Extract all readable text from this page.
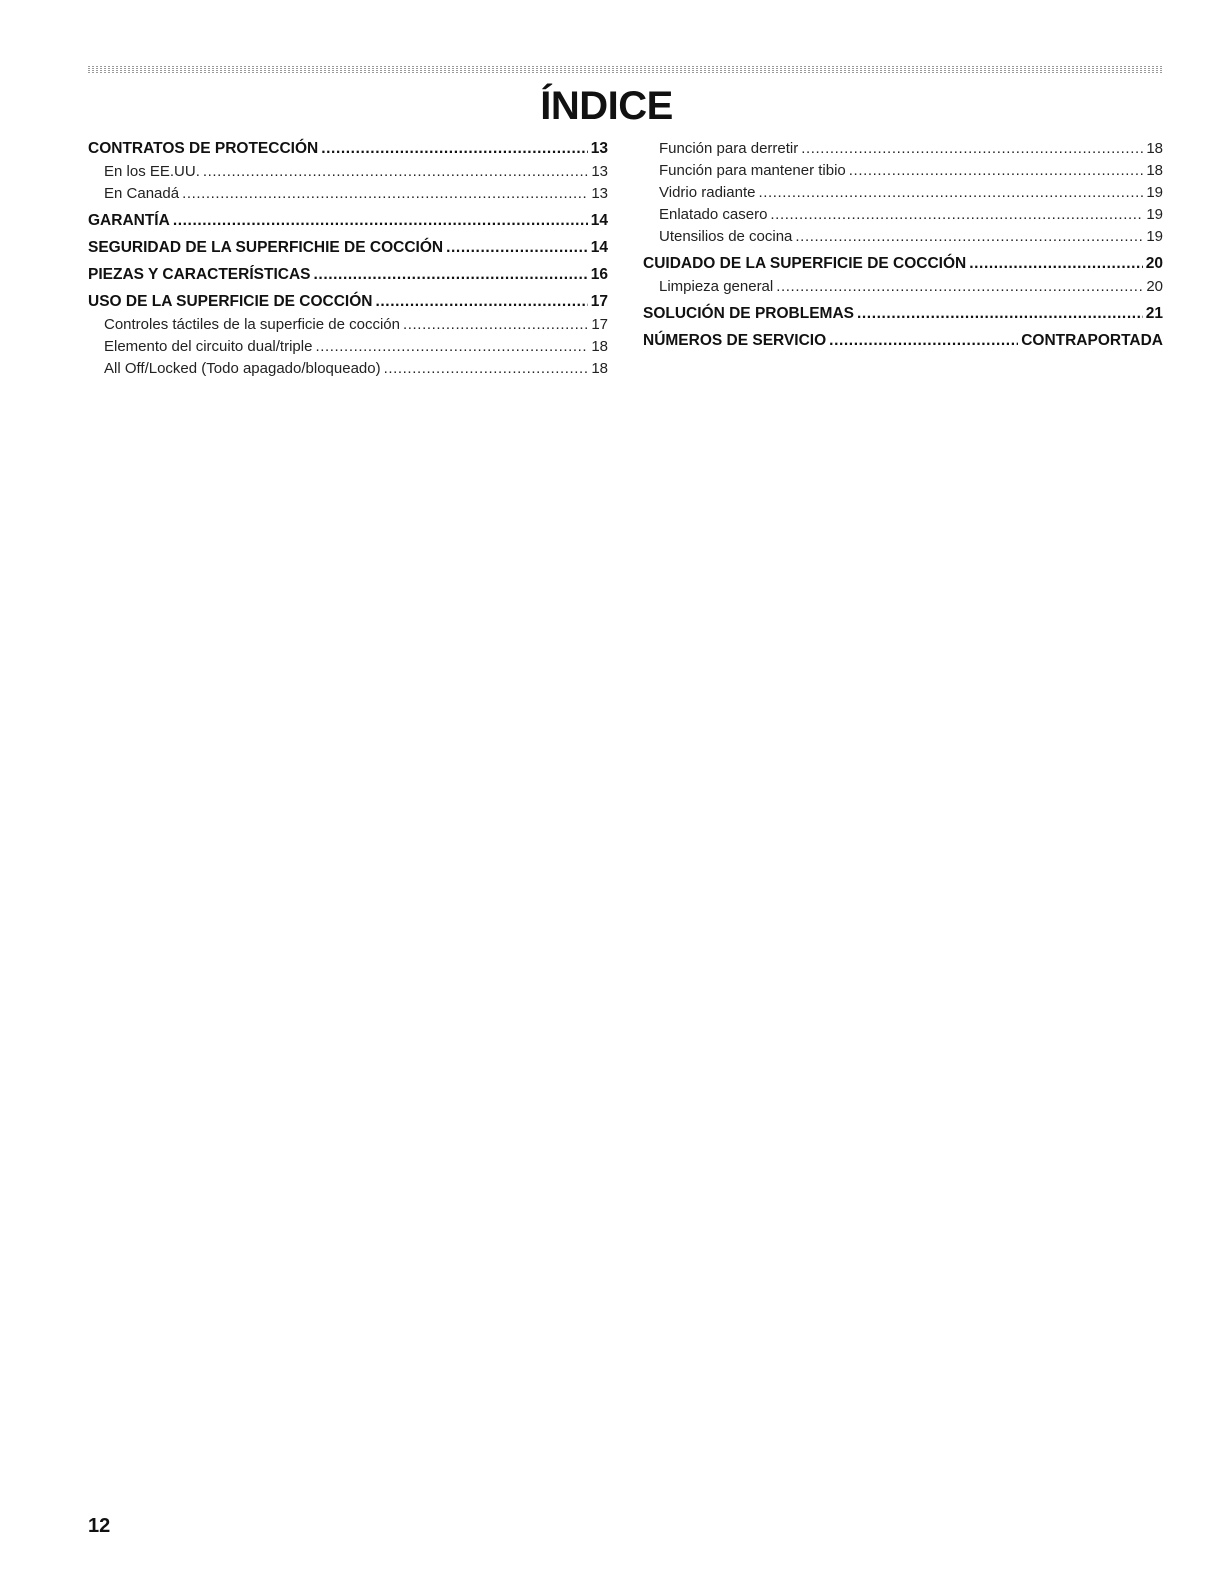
ÍNDICE
CONTRATOS DE PROTECCIÓN .....	13
En los EE.UU. .....	13
En Canadá .....	13
GARANTÍA .....	14
SEGURIDAD DE LA SUPERFICHIE DE COCCIÓN .....	14
PIEZAS Y CARACTERÍSTICAS .....	16
USO DE LA SUPERFICIE DE COCCIÓN .....	17
Controles táctiles de la superficie de cocción .....	17
Elemento del circuito dual/triple .....	18
All Off/Locked (Todo apagado/bloqueado) .....	18
Función para derretir .....	18
Función para mantener tibio .....	18
Vidrio radiante .....	19
Enlatado casero .....	19
Utensilios de cocina .....	19
CUIDADO DE LA SUPERFICIE DE COCCIÓN .....	20
Limpieza general .....	20
SOLUCIÓN DE PROBLEMAS .....	21
NÚMEROS DE SERVICIO .....	CONTRAPORTADA
12
